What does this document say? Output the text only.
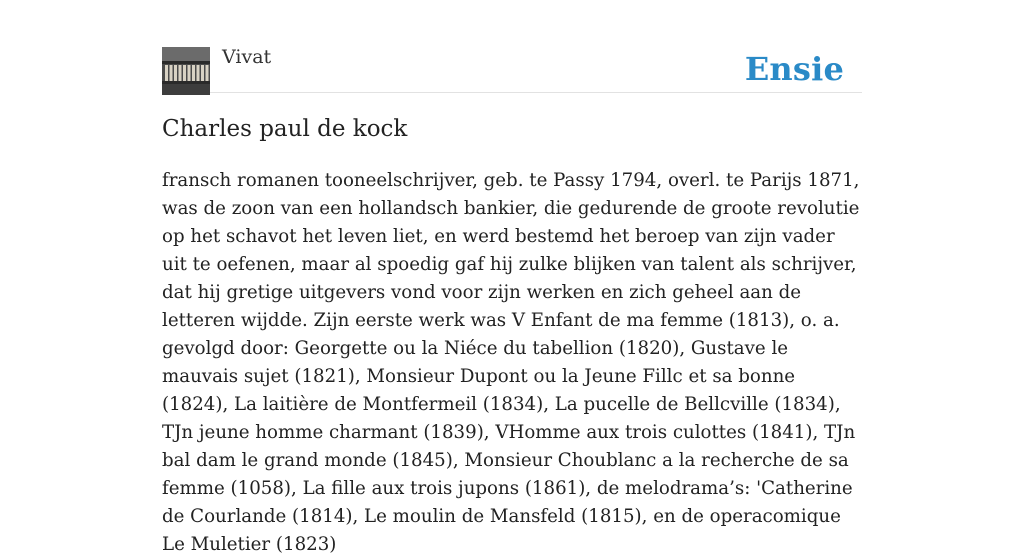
Vivat	Ensie
Charles paul de kock

fransch romanen tooneelschrijver, geb. te Passy 1794, overl. te Parijs 1871, was de zoon van een hollandsch bankier, die gedurende de groote revolutie op het schavot het leven liet, en werd bestemd het beroep van zijn vader uit te oefenen, maar al spoedig gaf hij zulke blijken van talent als schrijver, dat hij gretige uitgevers vond voor zijn werken en zich geheel aan de letteren wijdde. Zijn eerste werk was V Enfant de ma femme (1813), o. a. gevolgd door: Georgette ou la Niéce du tabellion (1820), Gustave le mauvais sujet (1821), Monsieur Dupont ou la Jeune Fillc et sa bonne (1824), La laitière de Montfermeil (1834), La pucelle de Bellcville (1834), TJn jeune homme charmant (1839), VHomme aux trois culottes (1841), TJn bal dam le grand monde (1845), Monsieur Choublanc a la recherche de sa femme (1058), La fille aux trois jupons (1861), de melodrama’s: 'Catherine de Courlande (1814), Le moulin de Mansfeld (1815), en de operacomique Le Muletier (1823)
